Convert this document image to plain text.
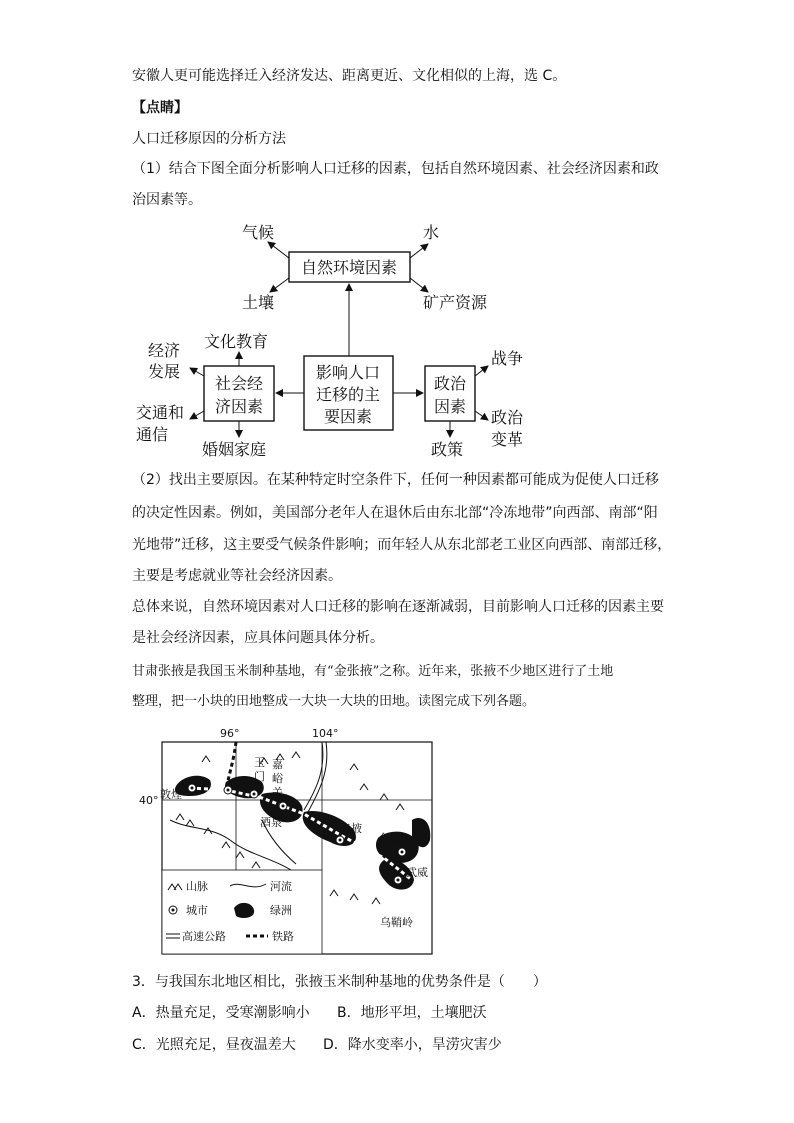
安徽人更可能选择迁入经济发达、距离更近、文化相似的上海，选 C。
【点睛】
人口迁移原因的分析方法
（1）结合下图全面分析影响人口迁移的因素，包括自然环境因素、社会经济因素和政
治因素等。
自然环境因素
影响人口
迁移的主
要因素
社会经
济因素
政治
因素
气候	水
土壤	矿产资源
文化教育
经济
发展
交通和
通信
婚姻家庭
战争
政治
变革
政策
（2）找出主要原因。在某种特定时空条件下，任何一种因素都可能成为促使人口迁移
的决定性因素。例如，美国部分老年人在退休后由东北部“冷冻地带”向西部、南部“阳
光地带”迁移，这主要受气候条件影响；而年轻人从东北部老工业区向西部、南部迁移，
主要是考虑就业等社会经济因素。
总体来说，自然环境因素对人口迁移的影响在逐渐减弱，目前影响人口迁移的因素主要
是社会经济因素，应具体问题具体分析。
甘肃张掖是我国玉米制种基地，有“金张掖”之称。近年来，张掖不少地区进行了土地
整理，把一小块的田地整成一大块一大块的田地。读图完成下列各题。
96°	104°
40° 敦煌
玉
门
嘉
峪
关
酒泉	张掖
金昌
武威
乌鞘岭
山脉	河流
城市	绿洲
高速公路	铁路
3．与我国东北地区相比，张掖玉米制种基地的优势条件是（　　）
A．热量充足，受寒潮影响小	B．地形平坦，土壤肥沃
C．光照充足，昼夜温差大	D．降水变率小，旱涝灾害少
